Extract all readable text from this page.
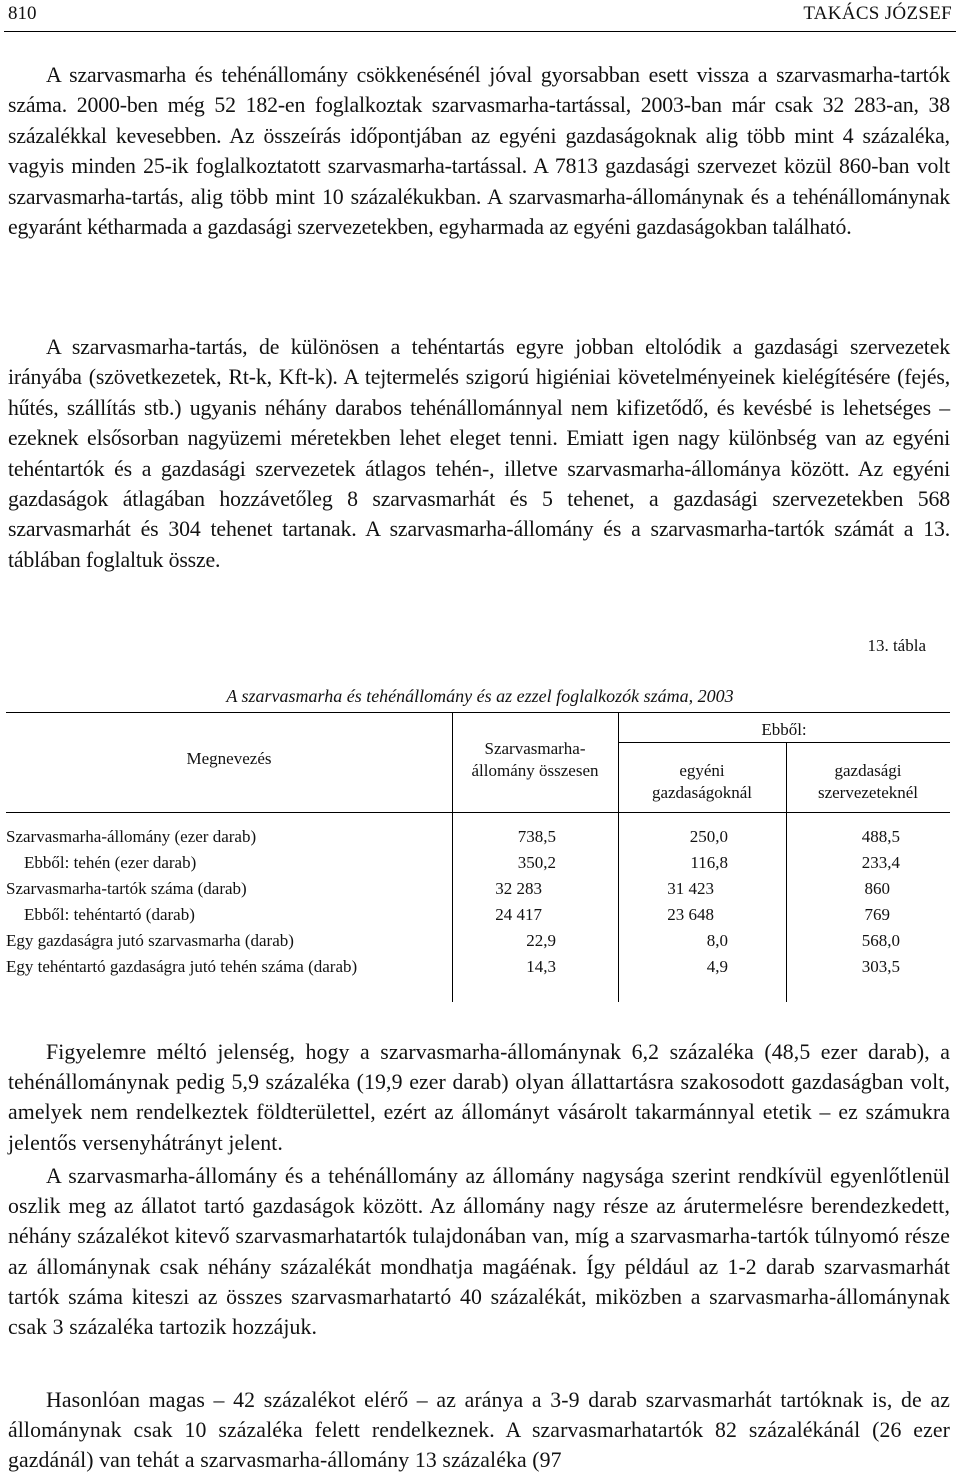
810	TAKÁCS JÓZSEF

A szarvasmarha és tehénállomány csökkenésénél jóval gyorsabban esett vissza a szarvasmarha-tartók száma. 2000-ben még 52 182-en foglalkoztak szarvasmarha-tartással, 2003-ban már csak 32 283-an, 38 százalékkal kevesebben. Az összeírás időpontjában az egyéni gazdaságoknak alig több mint 4 százaléka, vagyis minden 25-ik foglalkoztatott szarvasmarha-tartással. A 7813 gazdasági szervezet közül 860-ban volt szarvasmarha-tartás, alig több mint 10 százalékukban. A szarvasmarha-állománynak és a tehénállománynak egyaránt kétharmada a gazdasági szervezetekben, egyharmada az egyéni gazdaságokban található.

A szarvasmarha-tartás, de különösen a tehéntartás egyre jobban eltolódik a gazdasági szervezetek irányába (szövetkezetek, Rt-k, Kft-k). A tejtermelés szigorú higiéniai követelményeinek kielégítésére (fejés, hűtés, szállítás stb.) ugyanis néhány darabos tehénállománnyal nem kifizetődő, és kevésbé is lehetséges – ezeknek elsősorban nagyüzemi méretekben lehet eleget tenni. Emiatt igen nagy különbség van az egyéni tehéntartók és a gazdasági szervezetek átlagos tehén-, illetve szarvasmarha-állománya között. Az egyéni gazdaságok átlagában hozzávetőleg 8 szarvasmarhát és 5 tehenet, a gazdasági szervezetekben 568 szarvasmarhát és 304 tehenet tartanak. A szarvasmarha-állomány és a szarvasmarha-tartók számát a 13. táblában foglaltuk össze.

13. tábla
A szarvasmarha és tehénállomány és az ezzel foglalkozók száma, 2003
Megnevezés
Szarvasmarha-
állomány összesen
Ebből:
egyéni
gazdaságoknál
gazdasági
szervezeteknél
Szarvasmarha-állomány (ezer darab)	738,5	250,0	488,5
Ebből: tehén (ezer darab)	350,2	116,8	233,4
Szarvasmarha-tartók száma (darab)	32 283	31 423	860
Ebből: tehéntartó (darab)	24 417	23 648	769
Egy gazdaságra jutó szarvasmarha (darab)	22,9	8,0	568,0
Egy tehéntartó gazdaságra jutó tehén száma (darab)	14,3	4,9	303,5

Figyelemre méltó jelenség, hogy a szarvasmarha-állománynak 6,2 százaléka (48,5 ezer darab), a tehénállománynak pedig 5,9 százaléka (19,9 ezer darab) olyan állattartásra szakosodott gazdaságban volt, amelyek nem rendelkeztek földterülettel, ezért az állományt vásárolt takarmánnyal etetik – ez számukra jelentős versenyhátrányt jelent.

A szarvasmarha-állomány és a tehénállomány az állomány nagysága szerint rendkívül egyenlőtlenül oszlik meg az állatot tartó gazdaságok között. Az állomány nagy része az árutermelésre berendezkedett, néhány százalékot kitevő szarvasmarhatartók tulajdonában van, míg a szarvasmarha-tartók túlnyomó része az állománynak csak néhány százalékát mondhatja magáénak. Így például az 1-2 darab szarvasmarhát tartók száma kiteszi az összes szarvasmarhatartó 40 százalékát, miközben a szarvasmarha-állománynak csak 3 százaléka tartozik hozzájuk.

Hasonlóan magas – 42 százalékot elérő – az aránya a 3-9 darab szarvasmarhát tartóknak is, de az állománynak csak 10 százaléka felett rendelkeznek. A szarvasmarhatartók 82 százalékánál (26 ezer gazdánál) van tehát a szarvasmarha-állomány 13 százaléka (97
